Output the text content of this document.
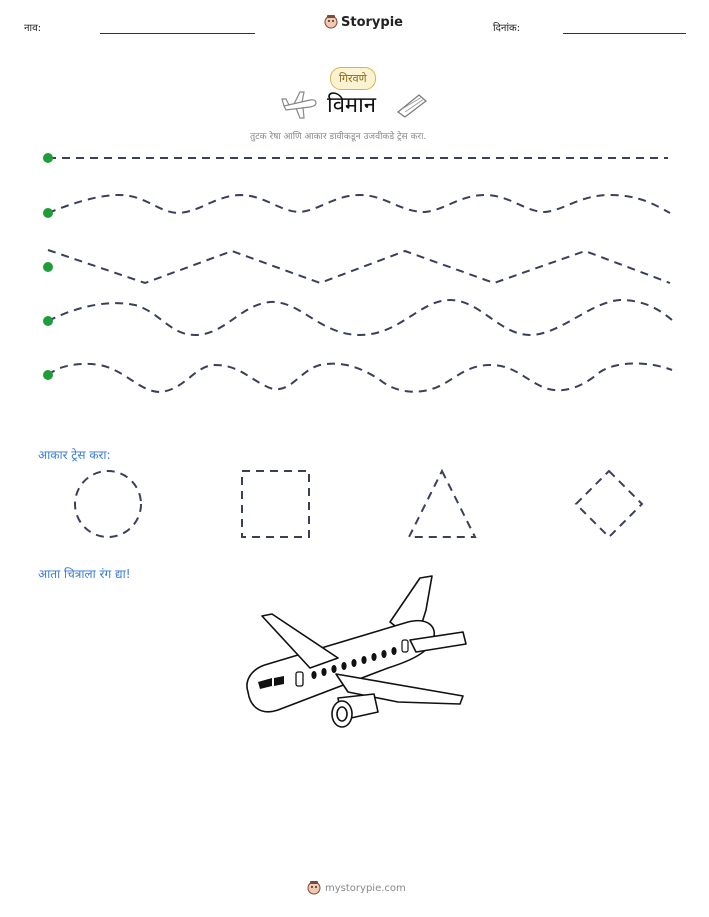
नाव:	Storypie	दिनांक:
गिरवणे
विमान
तुटक रेषा आणि आकार डावीकडून उजवीकडे ट्रेस करा.
आकार ट्रेस करा:
आता चित्राला रंग द्या!
mystorypie.com
